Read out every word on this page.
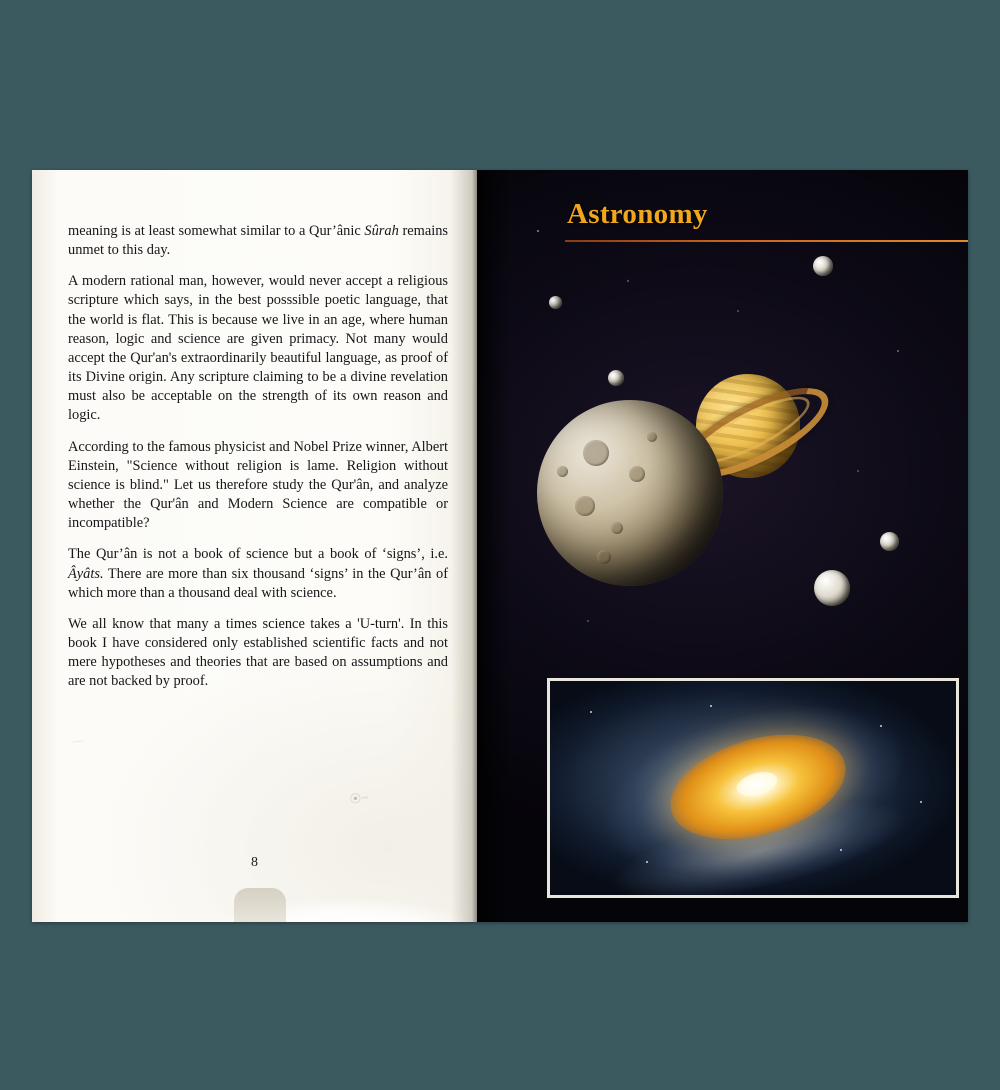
meaning is at least somewhat similar to a Qur’ânic Sûrah remains unmet to this day.

A modern rational man, however, would never accept a religious scripture which says, in the best posssible poetic language, that the world is flat. This is because we live in an age, where human reason, logic and science are given primacy. Not many would accept the Qur'an's extraordinarily beautiful language, as proof of its Divine origin. Any scripture claiming to be a divine revelation must also be acceptable on the strength of its own reason and logic.

According to the famous physicist and Nobel Prize winner, Albert Einstein, "Science without religion is lame. Religion without science is blind." Let us therefore study the Qur'ân, and analyze whether the Qur'ân and Modern Science are compatible or incompatible?

The Qur’ân is not a book of science but a book of ‘signs’, i.e. Âyâts. There are more than six thousand ‘signs’ in the Qur’ân of which more than a thousand deal with science.

We all know that many a times science takes a 'U-turn'. In this book I have considered only established scientific facts and not mere hypotheses and theories that are based on assumptions and are not backed by proof.

⦿~
—
8
Astronomy
